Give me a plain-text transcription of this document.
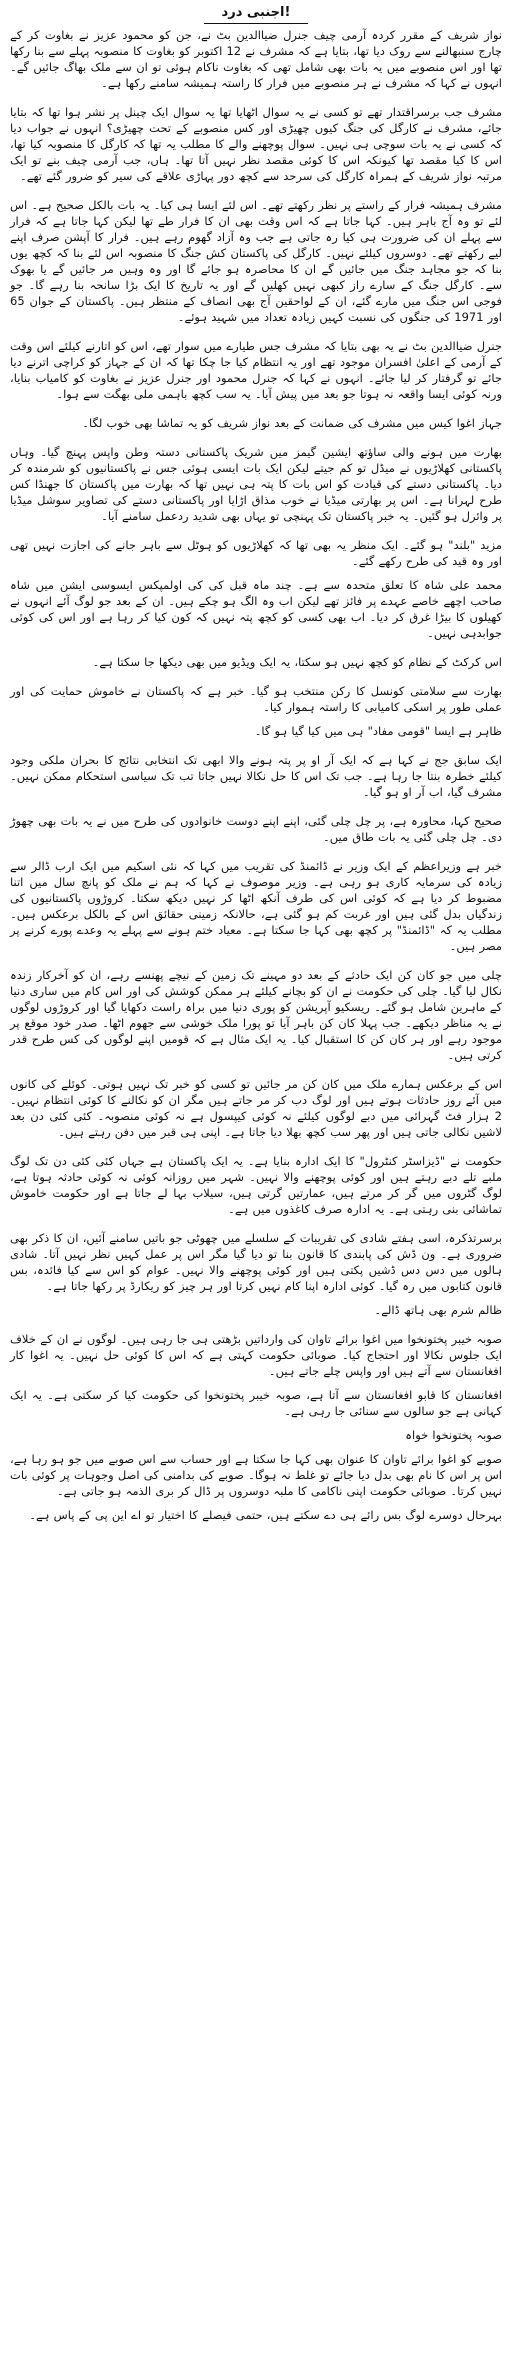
اجنبی درد!

نواز شریف کے مقرر کردہ آرمی چیف جنرل ضیاالدین بٹ نے، جن کو محمود عزیز نے بغاوت کر کے چارج سنبھالنے سے روک دیا تھا، بتایا ہے کہ مشرف نے 12 اکتوبر کو بغاوت کا منصوبہ پہلے سے بنا رکھا تھا اور اس منصوبے میں یہ بات بھی شامل تھی کہ بغاوت ناکام ہوئی تو ان سے ملک بھاگ جائیں گے۔ انہوں نے کہا کہ مشرف نے ہر منصوبے میں فرار کا راستہ ہمیشہ سامنے رکھا ہے۔

مشرف جب برسراقتدار تھے تو کسی نے یہ سوال اٹھایا تھا یہ سوال ایک چینل پر نشر ہوا تھا کہ بتایا جائے، مشرف نے کارگل کی جنگ کیوں چھیڑی اور کس منصوبے کے تحت چھیڑی؟ انہوں نے جواب دیا کہ کسی نے یہ بات سوچی ہی نہیں۔ سوال پوچھنے والے کا مطلب یہ تھا کہ کارگل کا منصوبہ کیا تھا، اس کا کیا مقصد تھا کیونکہ اس کا کوئی مقصد نظر نہیں آتا تھا۔ ہاں، جب آرمی چیف بنے تو ایک مرتبہ نواز شریف کے ہمراہ کارگل کی سرحد سے کچھ دور پہاڑی علاقے کی سیر کو ضرور گئے تھے۔

مشرف ہمیشہ فرار کے راستے پر نظر رکھتے تھے۔ اس لئے ایسا ہی کیا۔ یہ بات بالکل صحیح ہے۔ اس لئے تو وہ آج باہر ہیں۔ کہا جاتا ہے کہ اس وقت بھی ان کا فرار طے تھا لیکن کہا جاتا ہے کہ فرار سے پہلے ان کی ضرورت ہی کیا رہ جاتی ہے جب وہ آزاد گھوم رہے ہیں۔ فرار کا آپشن صرف اپنے لیے رکھتے تھے۔ دوسروں کیلئے نہیں۔ کارگل کی پاکستان کش جنگ کا منصوبہ اس لئے بنا کہ کچھ یوں بنا کہ جو مجاہد جنگ میں جائیں گے ان کا محاصرہ ہو جائے گا اور وہ وہیں مر جائیں گے یا بھوک سے۔ کارگل جنگ کے سارے راز کبھی نہیں کھلیں گے اور یہ تاریخ کا ایک بڑا سانحہ بنا رہے گا۔ جو فوجی اس جنگ میں مارے گئے، ان کے لواحقین آج بھی انصاف کے منتظر ہیں۔ پاکستان کے جوان 65 اور 1971 کی جنگوں کی نسبت کہیں زیادہ تعداد میں شہید ہوئے۔

جنرل ضیاالدین بٹ نے یہ بھی بتایا کہ مشرف جس طیارے میں سوار تھے، اس کو اتارنے کیلئے اس وقت کے آرمی کے اعلیٰ افسران موجود تھے اور یہ انتظام کیا جا چکا تھا کہ ان کے جہاز کو کراچی اترنے دیا جائے تو گرفتار کر لیا جائے۔ انہوں نے کہا کہ جنرل محمود اور جنرل عزیز نے بغاوت کو کامیاب بنایا، ورنہ کوئی ایسا واقعہ نہ ہوتا جو بعد میں پیش آیا۔ یہ سب کچھ باہمی ملی بھگت سے ہوا۔

جہاز اغوا کیس میں مشرف کی ضمانت کے بعد نواز شریف کو یہ تماشا بھی خوب لگا۔

بھارت میں ہونے والی ساؤتھ ایشین گیمز میں شریک پاکستانی دستہ وطن واپس پہنچ گیا۔ وہاں پاکستانی کھلاڑیوں نے میڈل تو کم جیتے لیکن ایک بات ایسی ہوئی جس نے پاکستانیوں کو شرمندہ کر دیا۔ پاکستانی دستے کی قیادت کو اس بات کا پتہ ہی نہیں تھا کہ بھارت میں پاکستان کا جھنڈا کس طرح لہرانا ہے۔ اس پر بھارتی میڈیا نے خوب مذاق اڑایا اور پاکستانی دستے کی تصاویر سوشل میڈیا پر وائرل ہو گئیں۔ یہ خبر پاکستان تک پہنچی تو یہاں بھی شدید ردعمل سامنے آیا۔

مزید "بلند" ہو گئے۔ ایک منظر یہ بھی تھا کہ کھلاڑیوں کو ہوٹل سے باہر جانے کی اجازت نہیں تھی اور وہ قید کی طرح رکھے گئے۔

محمد علی شاہ کا تعلق متحدہ سے ہے۔ چند ماہ قبل کی کی اولمپکس ایسوسی ایشن میں شاہ صاحب اچھے خاصے عہدے پر فائز تھے لیکن اب وہ الگ ہو چکے ہیں۔ ان کے بعد جو لوگ آئے انہوں نے کھیلوں کا بیڑا غرق کر دیا۔ اب بھی کسی کو کچھ پتہ نہیں کہ کون کیا کر رہا ہے اور اس کی کوئی جوابدہی نہیں۔

اس کرکٹ کے نظام کو کچھ نہیں ہو سکتا، یہ ایک ویڈیو میں بھی دیکھا جا سکتا ہے۔

بھارت سے سلامتی کونسل کا رکن منتخب ہو گیا۔ خبر ہے کہ پاکستان نے خاموش حمایت کی اور عملی طور پر اسکی کامیابی کا راستہ ہموار کیا۔

ظاہر ہے ایسا "قومی مفاد" ہی میں کیا گیا ہو گا۔

ایک سابق جج نے کہا ہے کہ ایک آر او پر پتہ ہونے والا ابھی تک انتخابی نتائج کا بحران ملکی وجود کیلئے خطرہ بنتا جا رہا ہے۔ جب تک اس کا حل نکالا نہیں جاتا تب تک سیاسی استحکام ممکن نہیں۔ مشرف گیا، اب آر او ہو گیا۔

صحیح کہا، محاورہ ہے، پر چل چلی گئی، اپنے اپنے دوست خانوادوں کی طرح میں نے یہ بات بھی چھوڑ دی۔ چل چلی گئی یہ بات طاق میں۔

خبر ہے وزیراعظم کے ایک وزیر نے ڈائمنڈ کی تقریب میں کہا کہ نئی اسکیم میں ایک ارب ڈالر سے زیادہ کی سرمایہ کاری ہو رہی ہے۔ وزیر موصوف نے کہا کہ ہم نے ملک کو پانچ سال میں اتنا مضبوط کر دیا ہے کہ کوئی اس کی طرف آنکھ اٹھا کر نہیں دیکھ سکتا۔ کروڑوں پاکستانیوں کی زندگیاں بدل گئی ہیں اور غربت کم ہو گئی ہے، حالانکہ زمینی حقائق اس کے بالکل برعکس ہیں۔ مطلب یہ کہ "ڈائمنڈ" پر کچھ بھی کہا جا سکتا ہے۔ معیاد ختم ہونے سے پہلے یہ وعدے پورے کرنے پر مصر ہیں۔

چلی میں جو کان کن ایک حادثے کے بعد دو مہینے تک زمین کے نیچے پھنسے رہے، ان کو آخرکار زندہ نکال لیا گیا۔ چلی کی حکومت نے ان کو بچانے کیلئے ہر ممکن کوشش کی اور اس کام میں ساری دنیا کے ماہرین شامل ہو گئے۔ ریسکیو آپریشن کو پوری دنیا میں براہ راست دکھایا گیا اور کروڑوں لوگوں نے یہ مناظر دیکھے۔ جب پہلا کان کن باہر آیا تو پورا ملک خوشی سے جھوم اٹھا۔ صدر خود موقع پر موجود رہے اور ہر کان کن کا استقبال کیا۔ یہ ایک مثال ہے کہ قومیں اپنے لوگوں کی کس طرح قدر کرتی ہیں۔

اس کے برعکس ہمارے ملک میں کان کن مر جائیں تو کسی کو خبر تک نہیں ہوتی۔ کوئلے کی کانوں میں آئے روز حادثات ہوتے ہیں اور لوگ دب کر مر جاتے ہیں مگر ان کو نکالنے کا کوئی انتظام نہیں۔ 2 ہزار فٹ گہرائی میں دبے لوگوں کیلئے نہ کوئی کیپسول ہے نہ کوئی منصوبہ۔ کئی کئی دن بعد لاشیں نکالی جاتی ہیں اور پھر سب کچھ بھلا دیا جاتا ہے۔ اپنی ہی قبر میں دفن رہتے ہیں۔

حکومت نے "ڈیزاسٹر کنٹرول" کا ایک ادارہ بنایا ہے۔ یہ ایک پاکستان ہے جہاں کئی کئی دن تک لوگ ملبے تلے دبے رہتے ہیں اور کوئی پوچھنے والا نہیں۔ شہر میں روزانہ کوئی نہ کوئی حادثہ ہوتا ہے، لوگ گٹروں میں گر کر مرتے ہیں، عمارتیں گرتی ہیں، سیلاب بہا لے جاتا ہے اور حکومت خاموش تماشائی بنی رہتی ہے۔ یہ ادارہ صرف کاغذوں میں ہے۔

برسرتذکرہ، اسی ہفتے شادی کی تقریبات کے سلسلے میں چھوٹی جو باتیں سامنے آئیں، ان کا ذکر بھی ضروری ہے۔ ون ڈش کی پابندی کا قانون بنا تو دیا گیا مگر اس پر عمل کہیں نظر نہیں آتا۔ شادی ہالوں میں دس دس ڈشیں پکتی ہیں اور کوئی پوچھنے والا نہیں۔ عوام کو اس سے کیا فائدہ، بس قانون کتابوں میں رہ گیا۔ کوئی ادارہ اپنا کام نہیں کرتا اور ہر چیز کو ریکارڈ پر رکھا جاتا ہے۔

ظالم شرم بھی ہاتھ ڈالے۔

صوبہ خیبر پختونخوا میں اغوا برائے تاوان کی وارداتیں بڑھتی ہی جا رہی ہیں۔ لوگوں نے ان کے خلاف ایک جلوس نکالا اور احتجاج کیا۔ صوبائی حکومت کہتی ہے کہ اس کا کوئی حل نہیں۔ یہ اغوا کار افغانستان سے آتے ہیں اور واپس چلے جاتے ہیں۔

افغانستان کا قابو افغانستان سے آتا ہے، صوبہ خیبر پختونخوا کی حکومت کیا کر سکتی ہے۔ یہ ایک کہانی ہے جو سالوں سے سنائی جا رہی ہے۔

صوبہ پختونخوا خواہ

صوبے کو اغوا برائے تاوان کا عنوان بھی کہا جا سکتا ہے اور حساب سے اس صوبے میں جو ہو رہا ہے، اس پر اس کا نام بھی بدل دیا جائے تو غلط نہ ہوگا۔ صوبے کی بدامنی کی اصل وجوہات پر کوئی بات نہیں کرتا۔ صوبائی حکومت اپنی ناکامی کا ملبہ دوسروں پر ڈال کر بری الذمہ ہو جاتی ہے۔

بہرحال دوسرے لوگ بس رائے ہی دے سکتے ہیں، حتمی فیصلے کا اختیار تو اے این پی کے پاس ہے۔
